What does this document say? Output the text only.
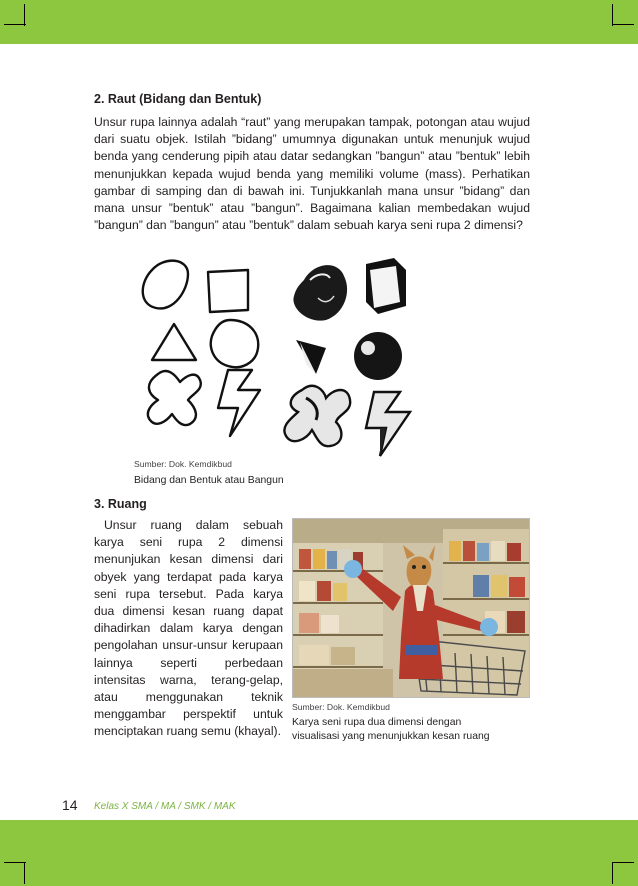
2. Raut (Bidang dan Bentuk)

Unsur rupa lainnya adalah “raut” yang merupakan tampak, potongan atau wujud dari suatu objek. Istilah ”bidang” umumnya digunakan untuk menunjuk wujud benda yang cenderung pipih atau datar sedangkan ”bangun” atau ”bentuk” lebih menunjukkan kepada wujud benda yang memiliki volume (mass). Perhatikan gambar di samping dan di bawah ini. Tunjukkanlah mana unsur ”bidang” dan mana unsur ”bentuk” atau ”bangun”. Bagaimana kalian membedakan wujud ”bangun” dan ”bangun” atau ”bentuk” dalam sebuah karya seni rupa 2 dimensi?

Sumber: Dok. Kemdikbud
Bidang dan Bentuk atau Bangun
3. Ruang

Unsur ruang dalam sebuah karya seni rupa 2 dimensi menunjukan kesan dimensi dari obyek yang terdapat pada karya seni rupa tersebut. Pada karya dua dimensi kesan ruang dapat dihadirkan dalam karya dengan pengolahan unsur-unsur kerupaan lainnya seperti perbedaan intensitas warna, terang-gelap, atau menggunakan teknik menggambar perspektif untuk menciptakan ruang semu (khayal).

Sumber: Dok. Kemdikbud
Karya seni rupa dua dimensi dengan
visualisasi yang menunjukkan kesan ruang
14 Kelas X SMA / MA / SMK / MAK
